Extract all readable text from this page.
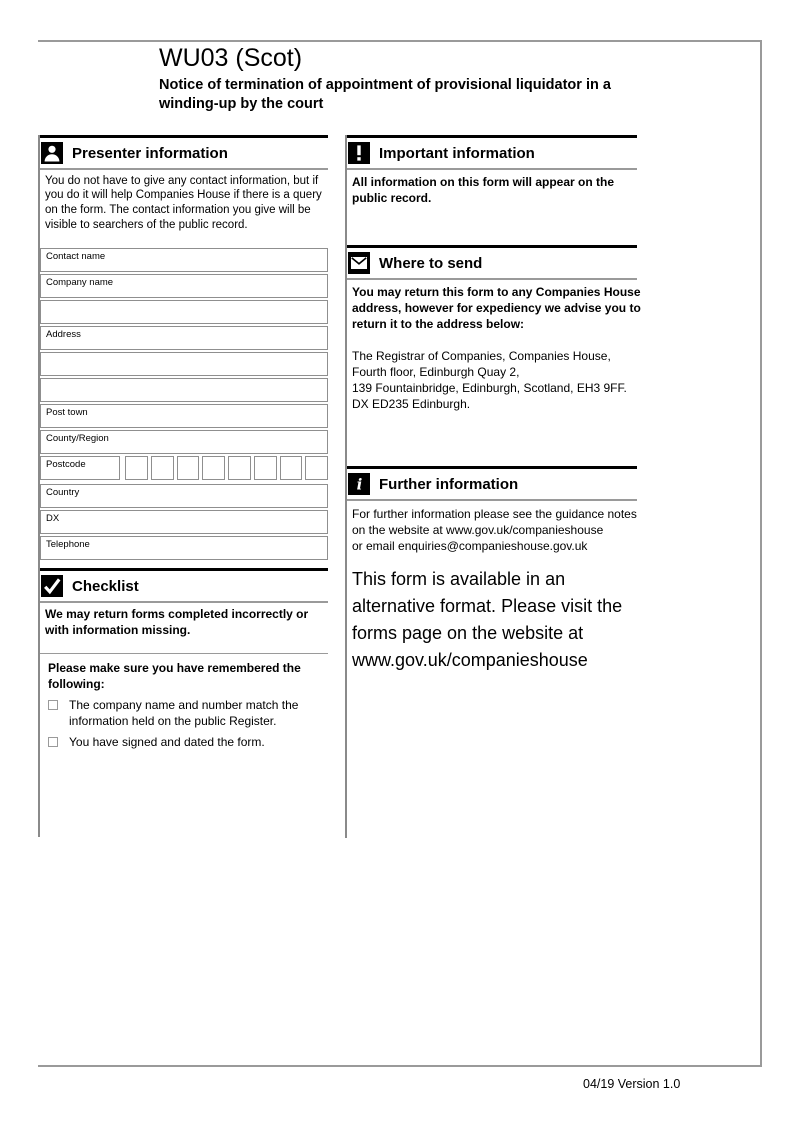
WU03 (Scot)
Notice of termination of appointment of provisional liquidator in a winding-up by the court
Presenter information
You do not have to give any contact information, but if you do it will help Companies House if there is a query on the form. The contact information you give will be visible to searchers of the public record.
Contact name
Company name
Address
Post town
County/Region
Postcode
Country
DX
Telephone
Checklist
We may return forms completed incorrectly or with information missing.
Please make sure you have remembered the following:
The company name and number match the information held on the public Register.
You have signed and dated the form.
Important information
All information on this form will appear on the
public record.
Where to send
You may return this form to any Companies House
address, however for expediency we advise you to
return it to the address below:
The Registrar of Companies, Companies House,
Fourth floor, Edinburgh Quay 2,
139 Fountainbridge, Edinburgh, Scotland, EH3 9FF.
DX ED235 Edinburgh.
i Further information
For further information please see the guidance notes
on the website at www.gov.uk/companieshouse
or email enquiries@companieshouse.gov.uk
This form is available in an
alternative format. Please visit the
forms page on the website at
www.gov.uk/companieshouse
04/19 Version 1.0
